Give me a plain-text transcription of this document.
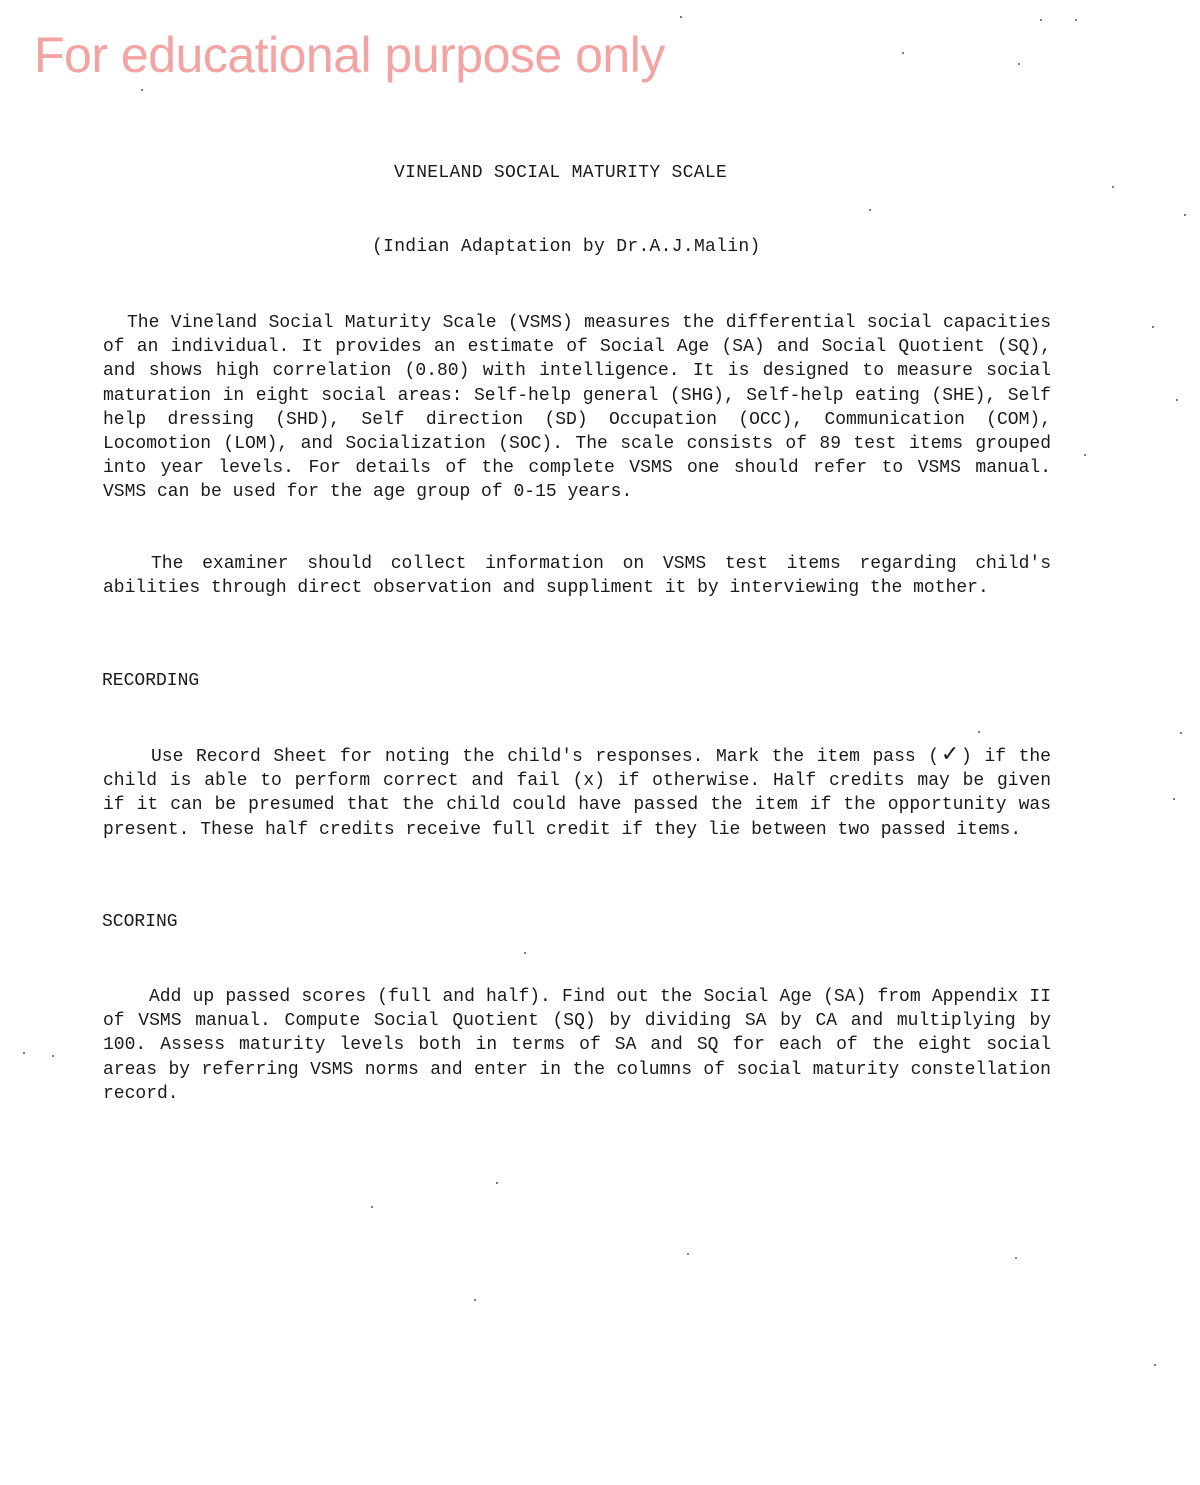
For educational purpose only
VINELAND SOCIAL MATURITY SCALE
(Indian Adaptation by Dr.A.J.Malin)

The Vineland Social Maturity Scale (VSMS) measures the differential social capacities of an individual. It provides an estimate of Social Age (SA) and Social Quotient (SQ), and shows high correlation (0.80) with intelligence. It is designed to measure social maturation in eight social areas: Self-help general (SHG), Self-help eating (SHE), Self help dressing (SHD), Self direction (SD) Occupation (OCC), Communication (COM), Locomotion (LOM), and Socialization (SOC). The scale consists of 89 test items grouped into year levels. For details of the complete VSMS one should refer to VSMS manual. VSMS can be used for the age group of 0-15 years.

The examiner should collect information on VSMS test items regarding child's abilities through direct observation and suppliment it by interviewing the mother.

RECORDING

Use Record Sheet for noting the child's responses. Mark the item pass (✓) if the child is able to perform correct and fail (x) if otherwise. Half credits may be given if it can be presumed that the child could have passed the item if the opportunity was present. These half credits receive full credit if they lie between two passed items.

SCORING

Add up passed scores (full and half). Find out the Social Age (SA) from Appendix II of VSMS manual. Compute Social Quotient (SQ) by dividing SA by CA and multiplying by 100. Assess maturity levels both in terms of SA and SQ for each of the eight social areas by referring VSMS norms and enter in the columns of social maturity constellation record.
